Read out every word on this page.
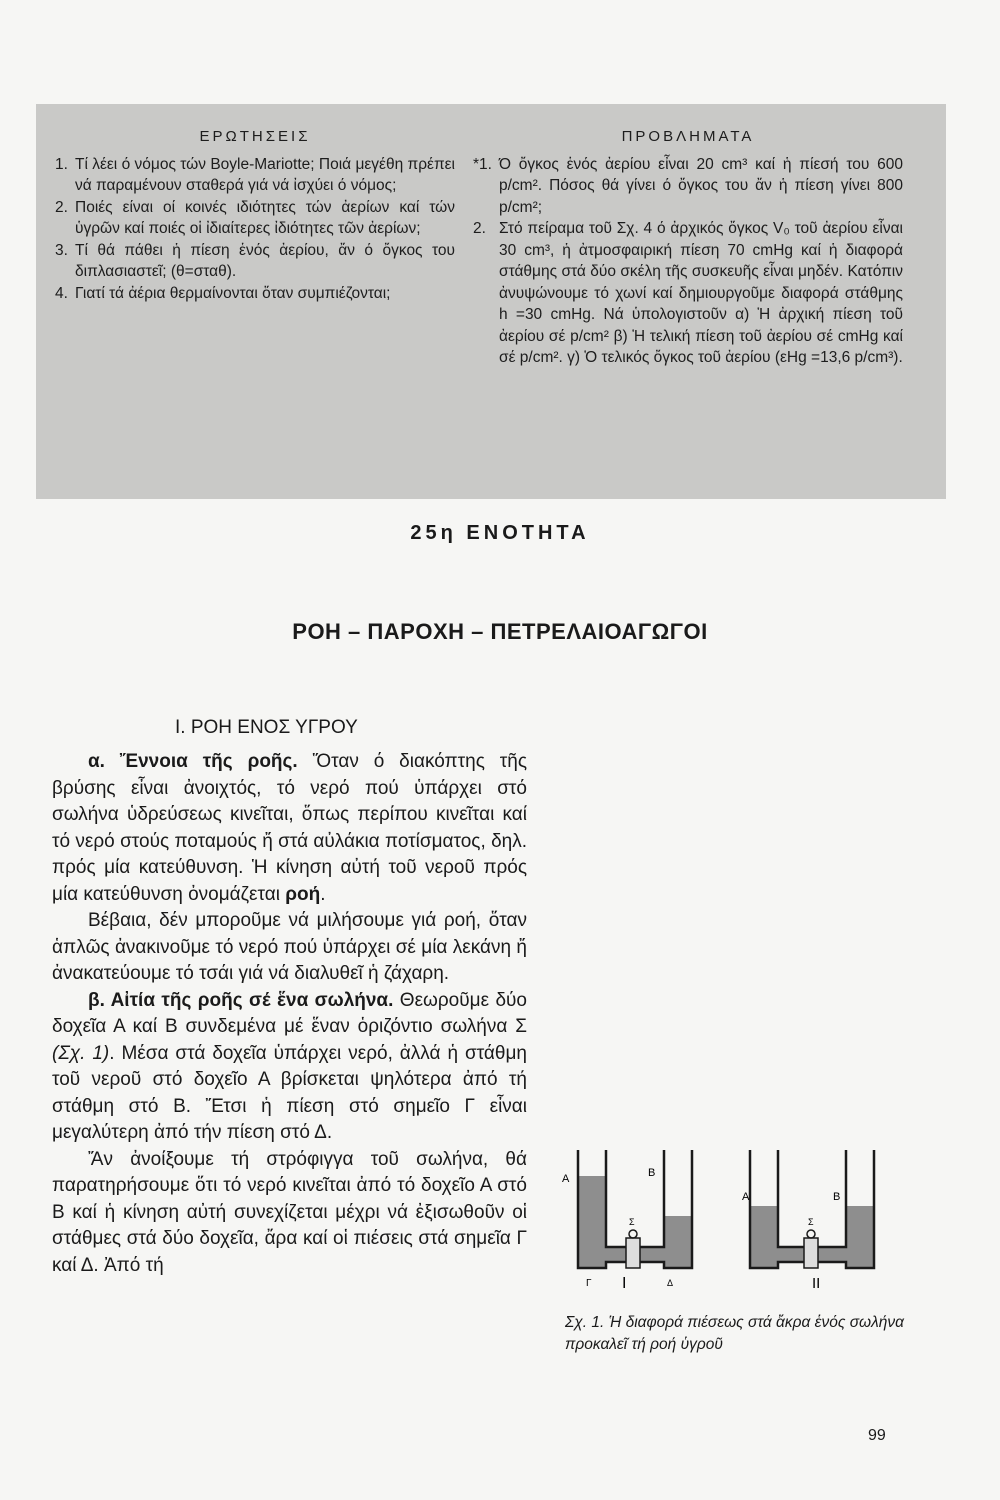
ΕΡΩΤΗΣΕΙΣ
1. Τί λέει ό νόμος τών Boyle-Mariotte; Ποιά μεγέθη πρέπει νά παραμένουν σταθερά γιά νά ἰσχύει ό νόμος;
2. Ποιές είναι οί κοινές ιδιότητες τών ἀερίων καί τών ὑγρῶν καί ποιές οἱ ἰδιαίτερες ἰδιότητες τῶν ἀερίων;
3. Τί θά πάθει ἡ πίεση ἑνός ἀερίου, ἄν ό ὄγκος του διπλασιαστεῖ; (θ=σταθ).
4. Γιατί τά ἀέρια θερμαίνονται ὅταν συμπιέζονται;
ΠΡΟΒΛΗΜΑΤΑ
*1. Ό ὄγκος ἑνός ἀερίου εἶναι 20 cm³ καί ἡ πίεσή του 600 p/cm². Πόσος θά γίνει ό ὄγκος του ἄν ἡ πίεση γίνει 800 p/cm²;
2. Στό πείραμα τοῦ Σχ. 4 ό ἀρχικός ὄγκος V₀ τοῦ ἀερίου εἶναι 30 cm³, ἡ ἀτμοσφαιρική πίεση 70 cmHg καί ἡ διαφορά στάθμης στά δύο σκέλη τῆς συσκευῆς εἶναι μηδέν. Κατόπιν ἀνυψώνουμε τό χωνί καί δημιουργοῦμε διαφορά στάθμης h =30 cmHg. Νά ὑπολογιστοῦν α) Ἡ ἀρχική πίεση τοῦ ἀερίου σέ p/cm² β) Ἡ τελική πίεση τοῦ ἀερίου σέ cmHg καί σέ p/cm². γ) Ὁ τελικός ὄγκος τοῦ ἀερίου (εHg =13,6 p/cm³).
25η ΕΝΟΤΗΤΑ
ΡΟΗ – ΠΑΡΟΧΗ – ΠΕΤΡΕΛΑΙΟΑΓΩΓΟΙ
Ι. ΡΟΗ ΕΝΟΣ ΥΓΡΟΥ

α. Ἔννοια τῆς ροῆς. Ὅταν ό διακόπτης τῆς βρύσης εἶναι ἀνοιχτός, τό νερό πού ὑπάρχει στό σωλήνα ὑδρεύσεως κινεῖται, ὅπως περίπου κινεῖται καί τό νερό στούς ποταμούς ἤ στά αὐλάκια ποτίσματος, δηλ. πρός μία κατεύθυνση. Ἡ κίνηση αὐτή τοῦ νεροῦ πρός μία κατεύθυνση ὀνομάζεται ροή.

Βέβαια, δέν μποροῦμε νά μιλήσουμε γιά ροή, ὅταν ἁπλῶς ἀνακινοῦμε τό νερό πού ὑπάρχει σέ μία λεκάνη ἤ ἀνακατεύουμε τό τσάι γιά νά διαλυθεῖ ἡ ζάχαρη.

β. Αἰτία τῆς ροῆς σέ ἕνα σωλήνα. Θεωροῦμε δύο δοχεῖα Α καί Β συνδεμένα μέ ἕναν ὁριζόντιο σωλήνα Σ (Σχ. 1). Μέσα στά δοχεῖα ὑπάρχει νερό, ἀλλά ἡ στάθμη τοῦ νεροῦ στό δοχεῖο Α βρίσκεται ψηλότερα ἀπό τή στάθμη στό Β. Ἔτσι ἡ πίεση στό σημεῖο Γ εἶναι μεγαλύτερη ἀπό τήν πίεση στό Δ.

Ἄν ἀνοίξουμε τή στρόφιγγα τοῦ σωλήνα, θά παρατηρήσουμε ὅτι τό νερό κινεῖται ἀπό τό δοχεῖο Α στό Β καί ἡ κίνηση αὐτή συνεχίζεται μέχρι νά ἐξισωθοῦν οἱ στάθμες στά δύο δοχεῖα, ἄρα καί οἱ πιέσεις στά σημεῖα Γ καί Δ. Ἀπό τή

Α	Β
Σ
Γ Ι	Δ
Α	Β
Σ
ΙΙ
Σχ. 1. Ἡ διαφορά πιέσεως στά ἄκρα ἑνός σωλήνα προκαλεῖ τή ροή ὑγροῦ
99
